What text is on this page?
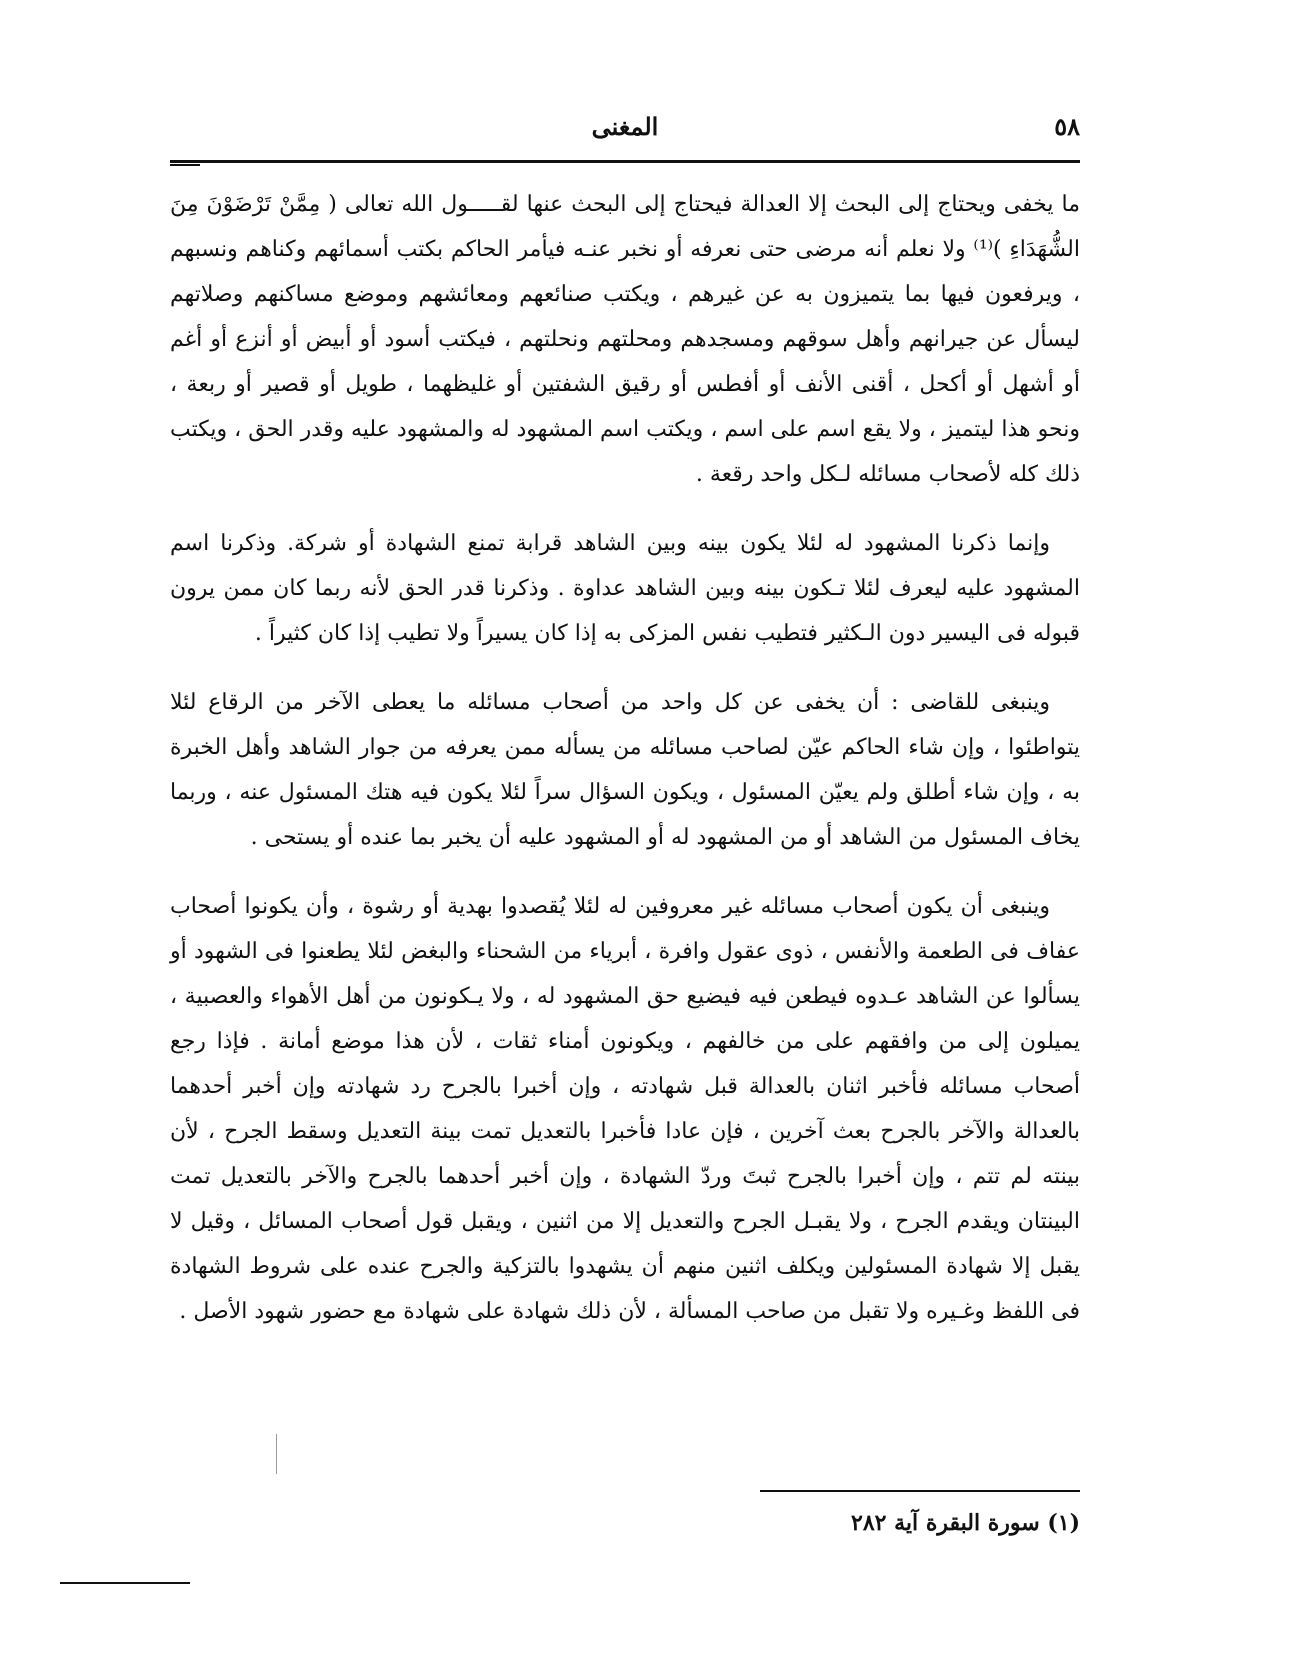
٥٨
المغنى

ما يخفى ويحتاج إلى البحث إلا العدالة فيحتاج إلى البحث عنها لقـــــول الله تعالى ( مِمَّنْ تَرْضَوْنَ مِنَ الشُّهَدَاءِ )⁽¹⁾ ولا نعلم أنه مرضى حتى نعرفه أو نخبر عنـه فيأمر الحاكم بكتب أسمائهم وكناهم ونسبهم ، ويرفعون فيها بما يتميزون به عن غيرهم ، ويكتب صنائعهم ومعائشهم وموضع مساكنهم وصلاتهم ليسأل عن جيرانهم وأهل سوقهم ومسجدهم ومحلتهم ونحلتهم ، فيكتب أسود أو أبيض أو أنزع أو أغم أو أشهل أو أكحل ، أقنى الأنف أو أفطس أو رقيق الشفتين أو غليظهما ، طويل أو قصير أو ربعة ، ونحو هذا ليتميز ، ولا يقع اسم على اسم ، ويكتب اسم المشهود له والمشهود عليه وقدر الحق ، ويكتب ذلك كله لأصحاب مسائله لـكل واحد رقعة .

وإنما ذكرنا المشهود له لئلا يكون بينه وبين الشاهد قرابة تمنع الشهادة أو شركة. وذكرنا اسم المشهود عليه ليعرف لئلا تـكون بينه وبين الشاهد عداوة . وذكرنا قدر الحق لأنه ربما كان ممن يرون قبوله فى اليسير دون الـكثير فتطيب نفس المزكى به إذا كان يسيراً ولا تطيب إذا كان كثيراً .

وينبغى للقاضى : أن يخفى عن كل واحد من أصحاب مسائله ما يعطى الآخر من الرقاع لئلا يتواطئوا ، وإن شاء الحاكم عيّن لصاحب مسائله من يسأله ممن يعرفه من جوار الشاهد وأهل الخبرة به ، وإن شاء أطلق ولم يعيّن المسئول ، ويكون السؤال سراً لئلا يكون فيه هتك المسئول عنه ، وربما يخاف المسئول من الشاهد أو من المشهود له أو المشهود عليه أن يخبر بما عنده أو يستحى .

وينبغى أن يكون أصحاب مسائله غير معروفين له لئلا يُقصدوا بهدية أو رشوة ، وأن يكونوا أصحاب عفاف فى الطعمة والأنفس ، ذوى عقول وافرة ، أبرياء من الشحناء والبغض لئلا يطعنوا فى الشهود أو يسألوا عن الشاهد عـدوه فيطعن فيه فيضيع حق المشهود له ، ولا يـكونون من أهل الأهواء والعصبية ، يميلون إلى من وافقهم على من خالفهم ، ويكونون أمناء ثقات ، لأن هذا موضع أمانة . فإذا رجع أصحاب مسائله فأخبر اثنان بالعدالة قبل شهادته ، وإن أخبرا بالجرح رد شهادته وإن أخبر أحدهما بالعدالة والآخر بالجرح بعث آخرين ، فإن عادا فأخبرا بالتعديل تمت بينة التعديل وسقط الجرح ، لأن بينته لم تتم ، وإن أخبرا بالجرح ثبتَ وردّ الشهادة ، وإن أخبر أحدهما بالجرح والآخر بالتعديل تمت البينتان ويقدم الجرح ، ولا يقبـل الجرح والتعديل إلا من اثنين ، ويقبل قول أصحاب المسائل ، وقيل لا يقبل إلا شهادة المسئولين ويكلف اثنين منهم أن يشهدوا بالتزكية والجرح عنده على شروط الشهادة فى اللفظ وغـيره ولا تقبل من صاحب المسألة ، لأن ذلك شهادة على شهادة مع حضور شهود الأصل .

(١) سورة البقرة آية ٢٨٢
